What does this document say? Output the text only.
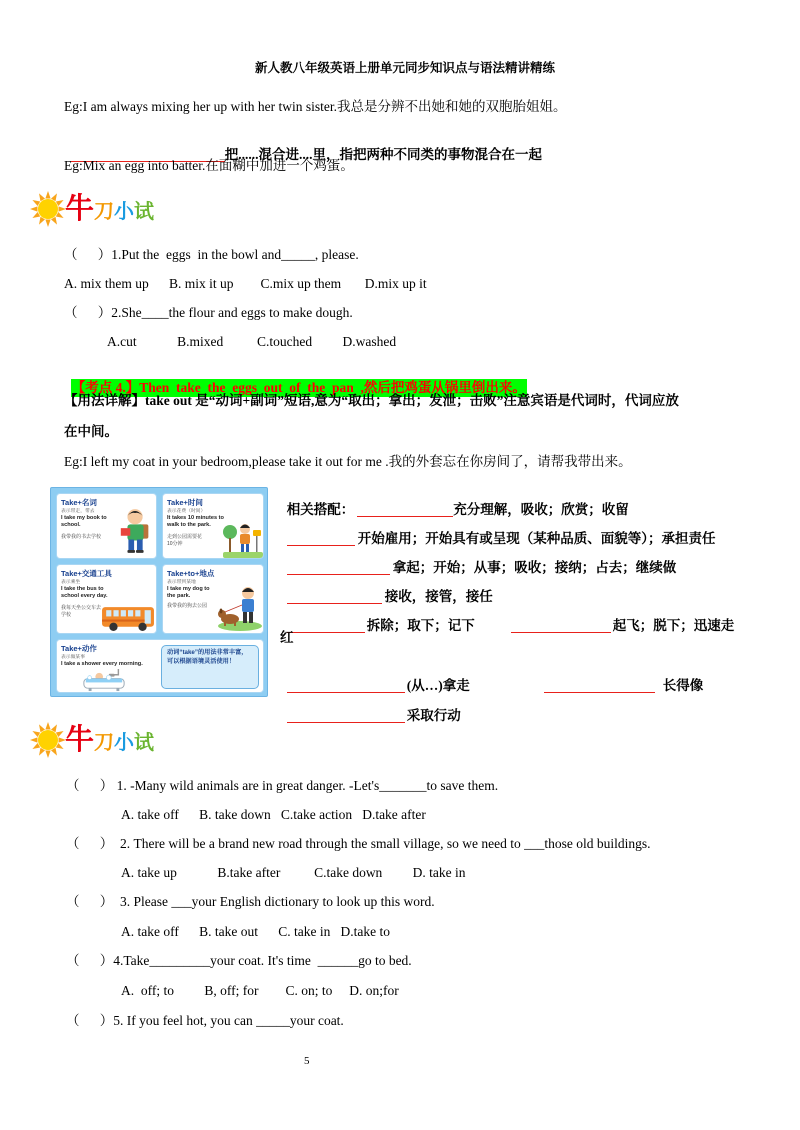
新人教八年级英语上册单元同步知识点与语法精讲精练
Eg:I am always mixing her up with her twin sister.我总是分辨不出她和她的双胞胎姐姐。

把......混合进....里，指把两种不同类的事物混合在一起

Eg:Mix an egg into batter.在面糊中加进一个鸡蛋。
牛刀小试
（      ）1.Put the  eggs  in the bowl and_____, please.
A. mix them up      B. mix it up        C.mix up them       D.mix up it
（      ）2.She____the flour and eggs to make dough.
A.cut            B.mixed          C.touched         D.washed

【考点 4.】Then  take  the  eggs  out  of  the  pan  ,然后把鸡蛋从锅里倒出来。

【用法详解】take out 是“动词+副词”短语,意为“取出；拿出；发泄；击败”注意宾语是代词时，代词应放
在中间。
Eg:I left my coat in your bedroom,please take it out for me .我的外套忘在你房间了，请帮我带出来。
Take+名词
表示带走，带去
I take my book to school.
我带我的书去学校
Take+时间
表示花费（时间）
It takes 10 minutes to walk to the park.
走到公园需要花10分钟
Take+交通工具
表示乘坐
I take the bus to school every day.
我每天坐公交车去学校
Take+to+地点
表示带到某地
I take my dog to the park.
我带我的狗去公园
Take+动作
表示做某事
I take a shower every morning.
动词“take”的用法非常丰富，可以根据语境灵活使用！

相关搭配：	充分理解，吸收；欣赏；收留

开始雇用；开始具有或呈现（某种品质、面貌等）；承担责任

拿起；开始；从事；吸收；接纳；占去；继续做

接收，接管，接任

拆除；取下；记下	起飞；脱下；迅速走

红

(从…)拿走	长得像

采取行动

牛刀小试
（      ） 1. -Many wild animals are in great danger. -Let's_______to save them.
A. take off      B. take down   C.take action   D.take after
（      ）  2. There will be a brand new road through the small village, so we need to ___those old buildings.
A. take up            B.take after          C.take down         D. take in
（      ）  3. Please ___your English dictionary to look up this word.
A. take off      B. take out      C. take in   D.take to
（      ）4.Take_________your coat. It's time  ______go to bed.
A.  off; to         B, off; for        C. on; to     D. on;for
（      ）5. If you feel hot, you can _____your coat.
5
